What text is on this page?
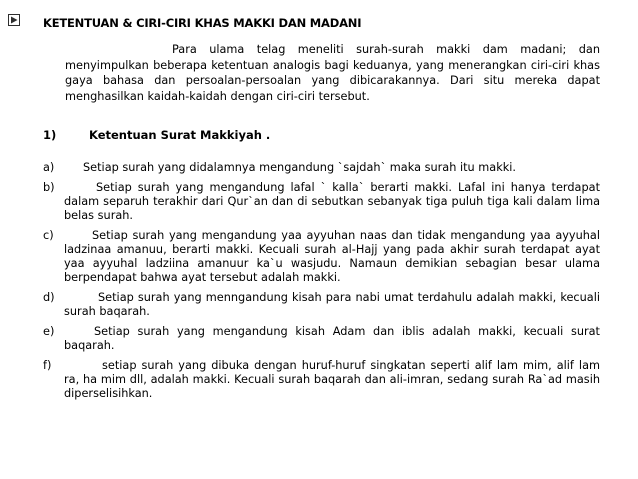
KETENTUAN & CIRI-CIRI KHAS MAKKI DAN MADANI
Para ulama telag meneliti surah-surah makki dam madani; dan menyimpulkan beberapa ketentuan analogis bagi keduanya, yang menerangkan ciri-ciri khas gaya bahasa dan persoalan-persoalan yang dibicarakannya. Dari situ mereka dapat menghasilkan kaidah-kaidah dengan ciri-ciri tersebut.
1)	Ketentuan Surat Makkiyah .
a)	Setiap surah yang didalamnya mengandung `sajdah` maka surah itu makki.
b)	Setiap surah yang mengandung lafal ` kalla` berarti makki. Lafal ini hanya terdapat dalam separuh terakhir dari Qur`an dan di sebutkan sebanyak tiga puluh tiga kali dalam lima belas surah.
c)	Setiap surah yang mengandung yaa ayyuhan naas dan tidak mengandung yaa ayyuhal ladzinaa amanuu, berarti makki. Kecuali surah al-Hajj yang pada akhir surah terdapat ayat yaa ayyuhal ladziina amanuur ka`u wasjudu. Namaun demikian sebagian besar ulama berpendapat bahwa ayat tersebut adalah makki.
d)	Setiap surah yang menngandung kisah para nabi umat terdahulu adalah makki, kecuali surah baqarah.
e)	Setiap surah yang mengandung kisah Adam dan iblis adalah makki, kecuali surat baqarah.
f)	setiap surah yang dibuka dengan huruf-huruf singkatan seperti alif lam mim, alif lam ra, ha mim dll, adalah makki. Kecuali surah baqarah dan ali-imran, sedang surah Ra`ad masih diperselisihkan.
